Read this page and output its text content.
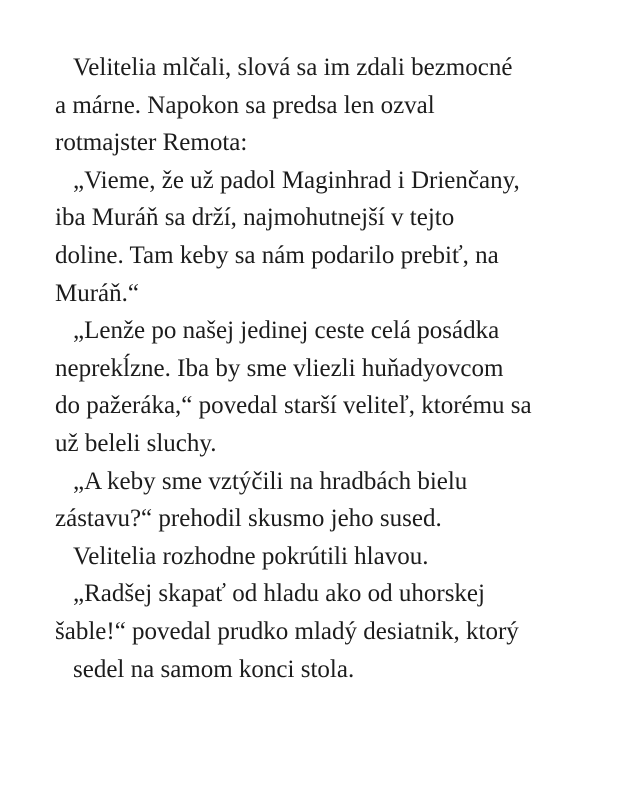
Velitelia mlčali, slová sa im zdali bezmocné
a márne. Napokon sa predsa len ozval
rotmajster Remota:
„Vieme, že už padol Maginhrad i Drienčany,
iba Muráň sa drží, najmohutnejší v tejto
doline. Tam keby sa nám podarilo prebiť, na
Muráň.“
„Lenže po našej jedinej ceste celá posádka
neprekĺzne. Iba by sme vliezli huňadyovcom
do pažeráka,“ povedal starší veliteľ, ktorému sa
už beleli sluchy.
„A keby sme vztýčili na hradbách bielu
zástavu?“ prehodil skusmo jeho sused.
Velitelia rozhodne pokrútili hlavou.
„Radšej skapať od hladu ako od uhorskej
šable!“ povedal prudko mladý desiatnik, ktorý
sedel na samom konci stola.
